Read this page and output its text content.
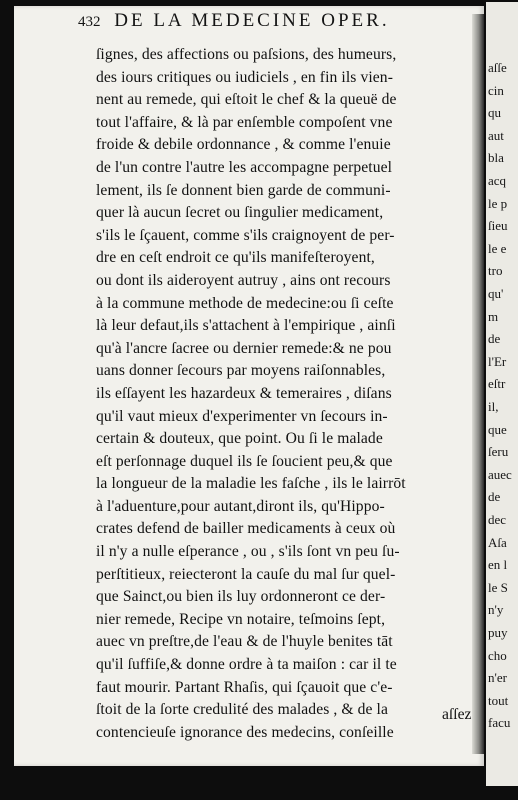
432 DE LA MEDECINE OPER.
ſignes, des affections ou paſsions, des humeurs,
des iours critiques ou iudiciels , en fin ils vien-
nent au remede, qui eſtoit le chef & la queuë de
tout l'affaire, & là par enſemble compoſent vne
froide & debile ordonnance , & comme l'enuie
de l'un contre l'autre les accompagne perpetuel
lement, ils ſe donnent bien garde de communi-
quer là aucun ſecret ou ſingulier medicament,
s'ils le ſçauent, comme s'ils craignoyent de per-
dre en ceſt endroit ce qu'ils manifeſteroyent,
ou dont ils aideroyent autruy , ains ont recours
à la commune methode de medecine:ou ſi ceſte
là leur defaut,ils s'attachent à l'empirique , ainſi
qu'à l'ancre ſacree ou dernier remede:& ne pou
uans donner ſecours par moyens raiſonnables,
ils eſſayent les hazardeux & temeraires , diſans
qu'il vaut mieux d'experimenter vn ſecours in-
certain & douteux, que point. Ou ſi le malade
eſt perſonnage duquel ils ſe ſoucient peu,& que
la longueur de la maladie les faſche , ils le lairrōt
à l'aduenture,pour autant,diront ils, qu'Hippo-
crates defend de bailler medicaments à ceux où
il n'y a nulle eſperance , ou , s'ils ſont vn peu ſu-
perſtitieux, reiecteront la cauſe du mal ſur quel-
que Sainct,ou bien ils luy ordonneront ce der-
nier remede, Recipe vn notaire, teſmoins ſept,
auec vn preſtre,de l'eau & de l'huyle benites tāt
qu'il ſuffiſe,& donne ordre à ta maiſon : car il te
faut mourir. Partant Rhaſis, qui ſçauoit que c'e-
ſtoit de la ſorte credulité des malades , & de la
contencieuſe ignorance des medecins, conſeille
aſſez
aſſe
cin
qu
aut
bla
acq
le p
ſieu
le e
tro
qu'
m
de
l'Er
eſtr
il,
que
ſeru
auec
de
dec
Aſa
en l
le S
n'y
puy
cho
n'er
tout
facu
